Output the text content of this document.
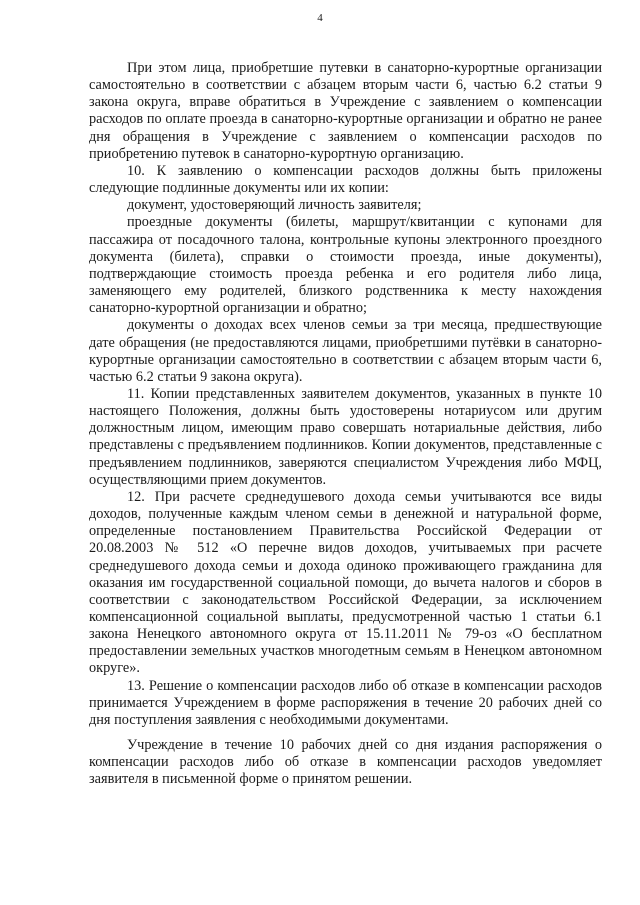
4

При этом лица, приобретшие путевки в санаторно-курортные организации самостоятельно в соответствии с абзацем вторым части 6, частью 6.2 статьи 9 закона округа, вправе обратиться в Учреждение с заявлением о компенсации расходов по оплате проезда в санаторно-курортные организации и обратно не ранее дня обращения в Учреждение с заявлением о компенсации расходов по приобретению путевок в санаторно-курортную организацию.

10. К заявлению о компенсации расходов должны быть приложены следующие подлинные документы или их копии:

документ, удостоверяющий личность заявителя;

проездные документы (билеты, маршрут/квитанции с купонами для пассажира от посадочного талона, контрольные купоны электронного проездного документа (билета), справки о стоимости проезда, иные документы), подтверждающие стоимость проезда ребенка и его родителя либо лица, заменяющего ему родителей, близкого родственника к месту нахождения санаторно-курортной организации и обратно;

документы о доходах всех членов семьи за три месяца, предшествующие дате обращения (не предоставляются лицами, приобретшими путёвки в санаторно-курортные организации самостоятельно в соответствии с абзацем вторым части 6, частью 6.2 статьи 9 закона округа).

11. Копии представленных заявителем документов, указанных в пункте 10 настоящего Положения, должны быть удостоверены нотариусом или другим должностным лицом, имеющим право совершать нотариальные действия, либо представлены с предъявлением подлинников. Копии документов, представленные с предъявлением подлинников, заверяются специалистом Учреждения либо МФЦ, осуществляющими прием документов.

12. При расчете среднедушевого дохода семьи учитываются все виды доходов, полученные каждым членом семьи в денежной и натуральной форме, определенные постановлением Правительства Российской Федерации от 20.08.2003 № 512 «О перечне видов доходов, учитываемых при расчете среднедушевого дохода семьи и дохода одиноко проживающего гражданина для оказания им государственной социальной помощи, до вычета налогов и сборов в соответствии с законодательством Российской Федерации, за исключением компенсационной социальной выплаты, предусмотренной частью 1 статьи 6.1 закона Ненецкого автономного округа от 15.11.2011 № 79-оз «О бесплатном предоставлении земельных участков многодетным семьям в Ненецком автономном округе».

13. Решение о компенсации расходов либо об отказе в компенсации расходов принимается Учреждением в форме распоряжения в течение 20 рабочих дней со дня поступления заявления с необходимыми документами.

Учреждение в течение 10 рабочих дней со дня издания распоряжения о компенсации расходов либо об отказе в компенсации расходов уведомляет заявителя в письменной форме о принятом решении.
